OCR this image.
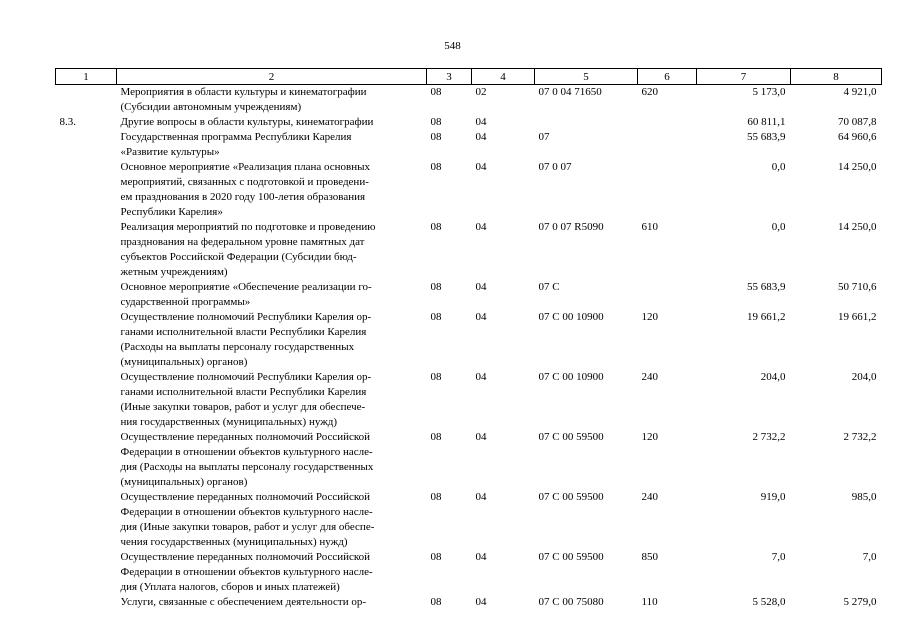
548
1	2	3	4	5	6	7	8
	Мероприятия в области культуры и кинематографии
(Субсидии автономным учреждениям)	08	02	07 0 04 71650	620	5 173,0	4 921,0
8.3.	Другие вопросы в области культуры, кинематографии	08	04			60 811,1	70 087,8
	Государственная программа Республики Карелия
«Развитие культуры»	08	04	07		55 683,9	64 960,6
	Основное мероприятие «Реализация плана основных
мероприятий, связанных с подготовкой и проведени-
ем празднования в 2020 году 100-летия образования
Республики Карелия»	08	04	07 0 07		0,0	14 250,0
	Реализация мероприятий по подготовке и проведению
празднования на федеральном уровне памятных дат
субъектов Российской Федерации (Субсидии бюд-
жетным учреждениям)	08	04	07 0 07 R5090	610	0,0	14 250,0
	Основное мероприятие «Обеспечение реализации го-
сударственной программы»	08	04	07 С		55 683,9	50 710,6
	Осуществление полномочий Республики Карелия ор-
ганами исполнительной власти Республики Карелия
(Расходы на выплаты персоналу государственных
(муниципальных) органов)	08	04	07 С 00 10900	120	19 661,2	19 661,2
	Осуществление полномочий Республики Карелия ор-
ганами исполнительной власти Республики Карелия
(Иные закупки товаров, работ и услуг для обеспече-
ния государственных (муниципальных) нужд)	08	04	07 С 00 10900	240	204,0	204,0
	Осуществление переданных полномочий Российской
Федерации в отношении объектов культурного насле-
дия (Расходы на выплаты персоналу государственных
(муниципальных) органов)	08	04	07 С 00 59500	120	2 732,2	2 732,2
	Осуществление переданных полномочий Российской
Федерации в отношении объектов культурного насле-
дия (Иные закупки товаров, работ и услуг для обеспе-
чения государственных (муниципальных) нужд)	08	04	07 С 00 59500	240	919,0	985,0
	Осуществление переданных полномочий Российской
Федерации в отношении объектов культурного насле-
дия (Уплата налогов, сборов и иных платежей)	08	04	07 С 00 59500	850	7,0	7,0
	Услуги, связанные с обеспечением деятельности ор-	08	04	07 С 00 75080	110	5 528,0	5 279,0
